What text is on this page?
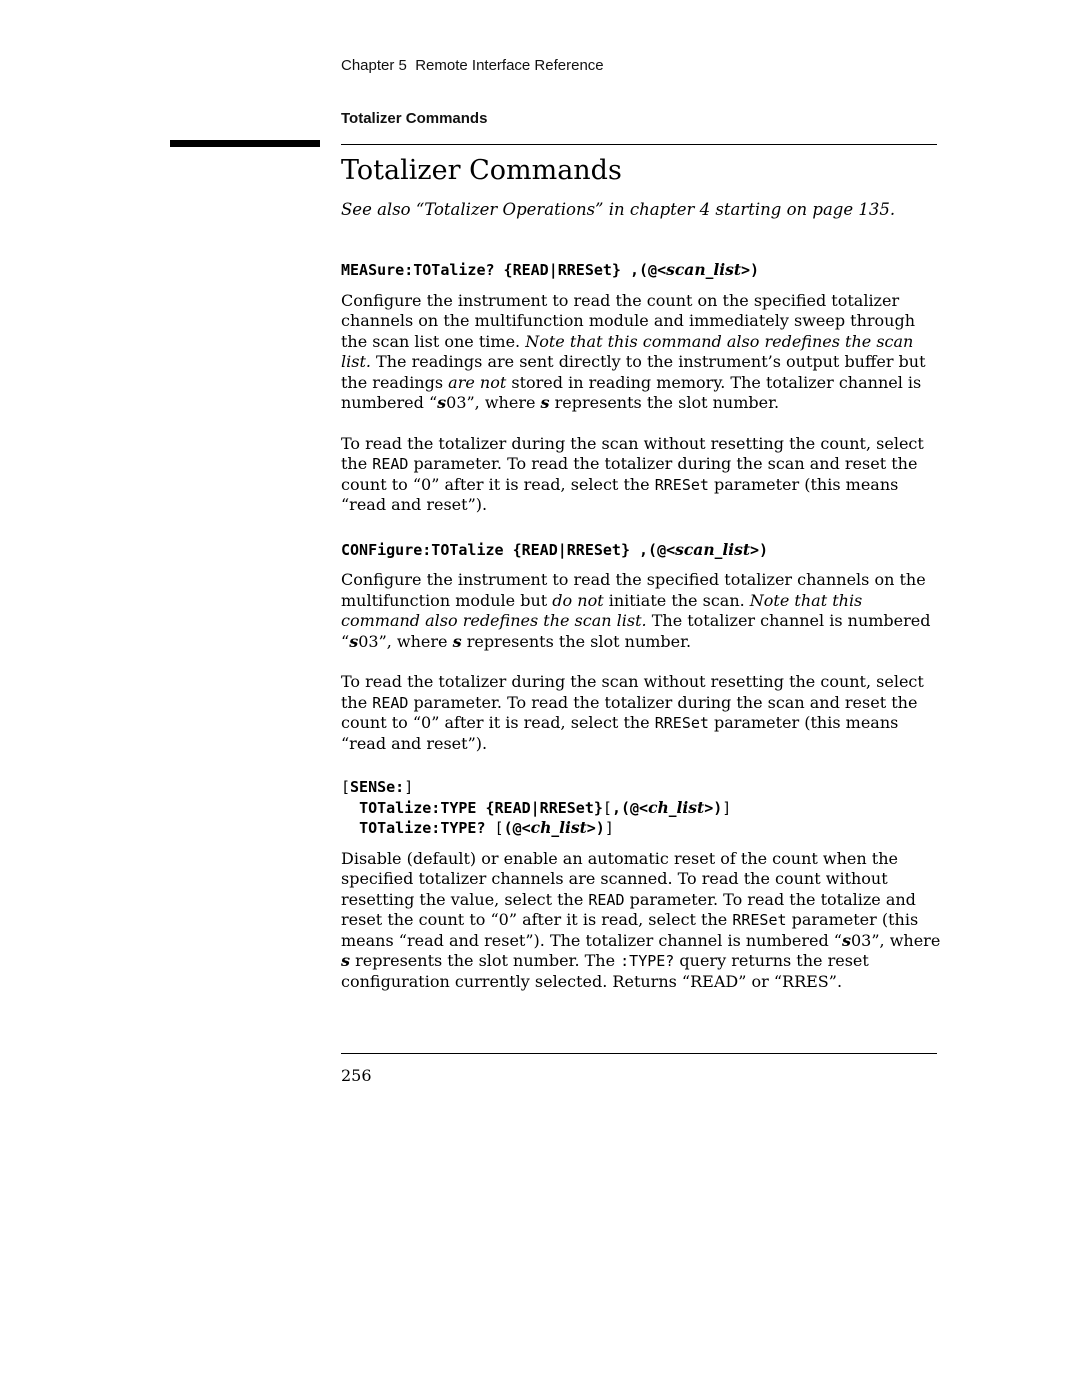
Chapter 5  Remote Interface Reference

Totalizer Commands

Totalizer Commands

See also “Totalizer Operations” in chapter 4 starting on page 135.

MEASure:TOTalize? {READ|RRESet} ,(@<scan_list>)

Configure the instrument to read the count on the specified totalizer channels on the multifunction module and immediately sweep through the scan list one time. Note that this command also redefines the scan list. The readings are sent directly to the instrument’s output buffer but the readings are not stored in reading memory. The totalizer channel is numbered “s03”, where s represents the slot number.

To read the totalizer during the scan without resetting the count, select the READ parameter. To read the totalizer during the scan and reset the count to “0” after it is read, select the RRESet parameter (this means “read and reset”).

CONFigure:TOTalize {READ|RRESet} ,(@<scan_list>)

Configure the instrument to read the specified totalizer channels on the multifunction module but do not initiate the scan. Note that this command also redefines the scan list. The totalizer channel is numbered “s03”, where s represents the slot number.

To read the totalizer during the scan without resetting the count, select the READ parameter. To read the totalizer during the scan and reset the count to “0” after it is read, select the RRESet parameter (this means “read and reset”).

[SENSe:]

TOTalize:TYPE {READ|RRESet}[,(@<ch_list>)]

TOTalize:TYPE? [(@<ch_list>)]

Disable (default) or enable an automatic reset of the count when the specified totalizer channels are scanned. To read the count without resetting the value, select the READ parameter. To read the totalize and reset the count to “0” after it is read, select the RRESet parameter (this means “read and reset”). The totalizer channel is numbered “s03”, where s represents the slot number. The :TYPE? query returns the reset configuration currently selected. Returns “READ” or “RRES”.

256
